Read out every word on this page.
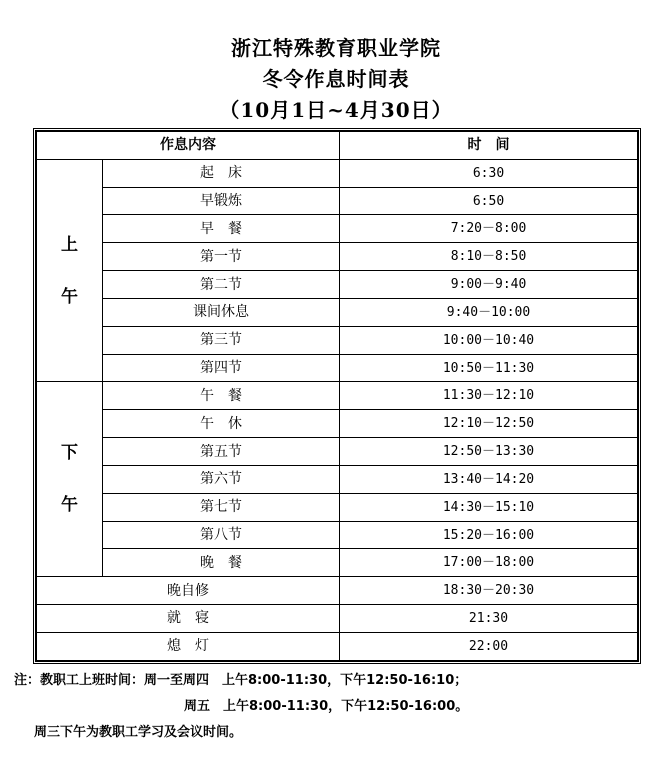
浙江特殊教育职业学院
冬令作息时间表
（10月1日~4月30日）
作息内容		时　间

上
午	起　床	6:30
	早锻炼	6:50
	早　餐	7:20－8:00
	第一节	8:10－8:50
	第二节	9:00－9:40
	课间休息	9:40－10:00
	第三节	10:00－10:40
	第四节	10:50－11:30

下
午	午　餐	11:30－12:10
	午　休	12:10－12:50
	第五节	12:50－13:30
	第六节	13:40－14:20
	第七节	14:30－15:10
	第八节	15:20－16:00
	晚　餐	17:00－18:00
晚自修		18:30－20:30
就　寝		21:30
熄　灯		22:00
注：教职工上班时间：周一至周四　上午8:00-11:30，下午12:50-16:10；
周五　上午8:00-11:30，下午12:50-16:00。
周三下午为教职工学习及会议时间。
